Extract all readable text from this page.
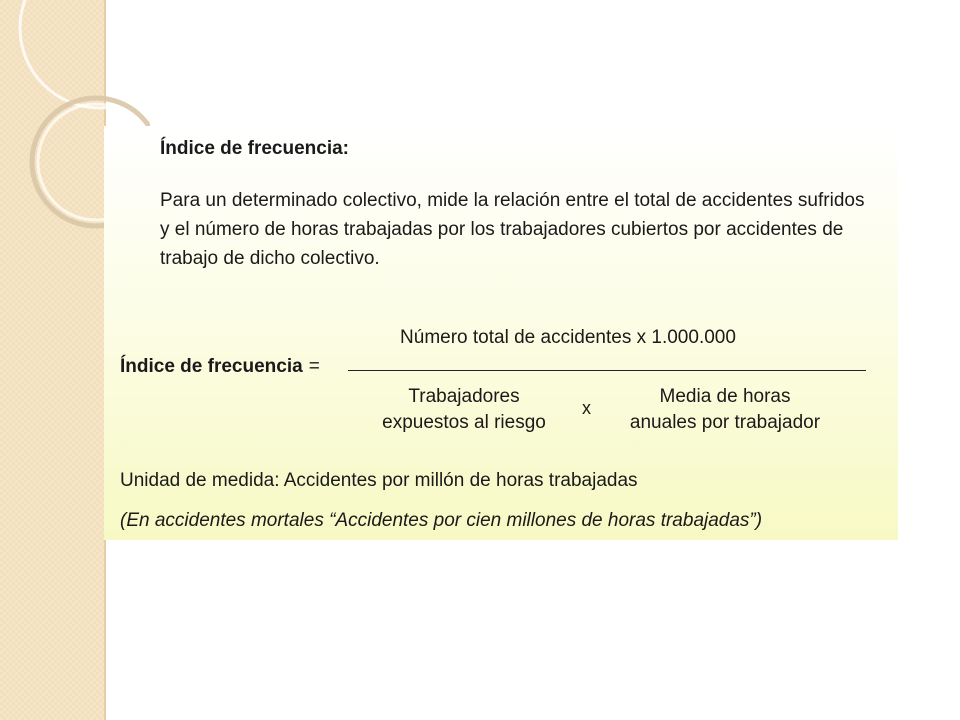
Índice de frecuencia:

Para un determinado colectivo, mide la relación entre el total de accidentes sufridos y el número de horas trabajadas por los trabajadores cubiertos por accidentes de trabajo de dicho colectivo.

Índice de frecuencia =
Número total de accidentes x 1.000.000
Trabajadores
expuestos al riesgo
x
Media de horas
anuales por trabajador

Unidad de medida: Accidentes por millón de horas trabajadas

(En accidentes mortales “Accidentes por cien millones de horas trabajadas”)
